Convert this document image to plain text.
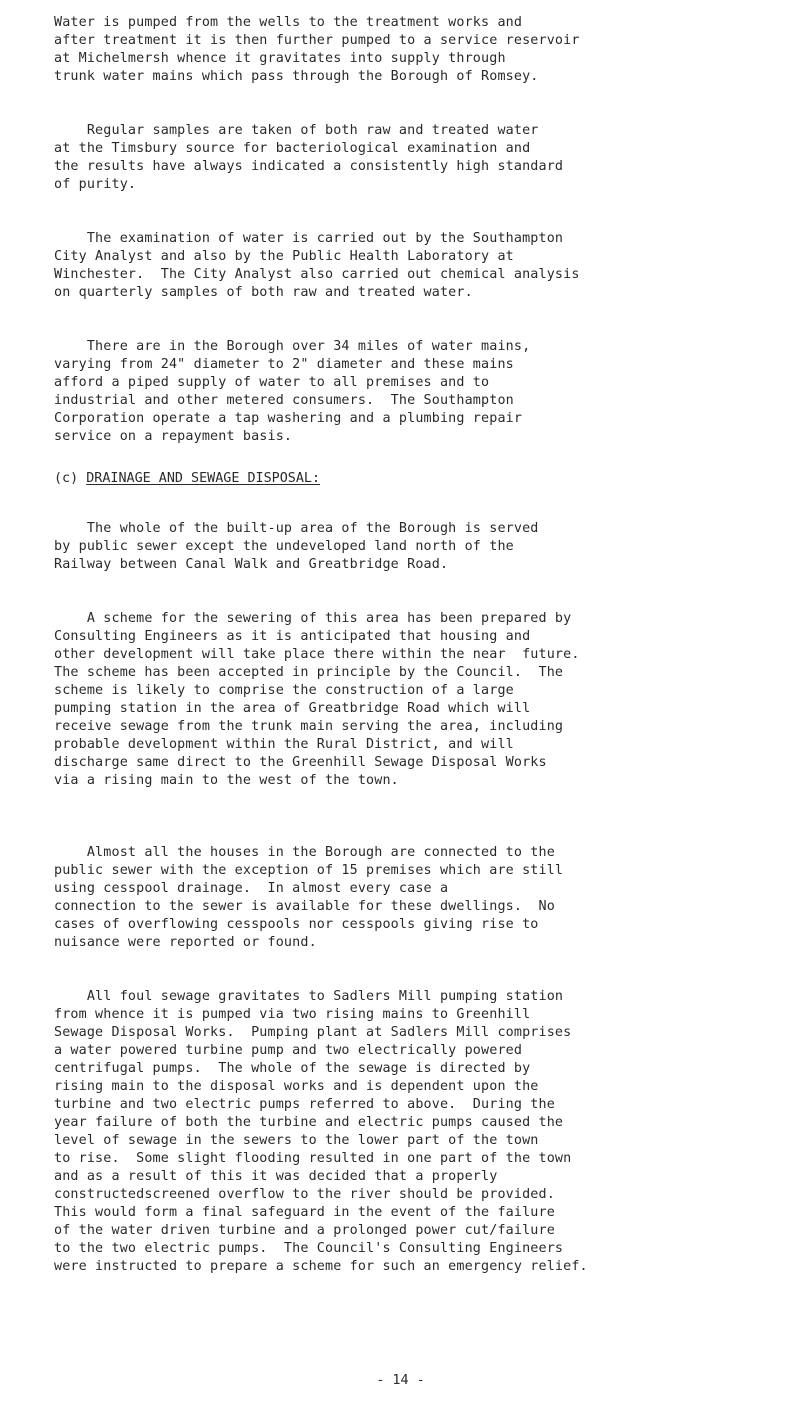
Water is pumped from the wells to the treatment works and
after treatment it is then further pumped to a service reservoir
at Michelmersh whence it gravitates into supply through
trunk water mains which pass through the Borough of Romsey.
Regular samples are taken of both raw and treated water
at the Timsbury source for bacteriological examination and
the results have always indicated a consistently high standard
of purity.
The examination of water is carried out by the Southampton
City Analyst and also by the Public Health Laboratory at
Winchester.  The City Analyst also carried out chemical analysis
on quarterly samples of both raw and treated water.
There are in the Borough over 34 miles of water mains,
varying from 24" diameter to 2" diameter and these mains
afford a piped supply of water to all premises and to
industrial and other metered consumers.  The Southampton
Corporation operate a tap washering and a plumbing repair
service on a repayment basis.
(c) DRAINAGE AND SEWAGE DISPOSAL:
The whole of the built-up area of the Borough is served
by public sewer except the undeveloped land north of the
Railway between Canal Walk and Greatbridge Road.
A scheme for the sewering of this area has been prepared by
Consulting Engineers as it is anticipated that housing and
other development will take place there within the near  future.
The scheme has been accepted in principle by the Council.  The
scheme is likely to comprise the construction of a large
pumping station in the area of Greatbridge Road which will
receive sewage from the trunk main serving the area, including
probable development within the Rural District, and will
discharge same direct to the Greenhill Sewage Disposal Works
via a rising main to the west of the town.
Almost all the houses in the Borough are connected to the
public sewer with the exception of 15 premises which are still
using cesspool drainage.  In almost every case a
connection to the sewer is available for these dwellings.  No
cases of overflowing cesspools nor cesspools giving rise to
nuisance were reported or found.
All foul sewage gravitates to Sadlers Mill pumping station
from whence it is pumped via two rising mains to Greenhill
Sewage Disposal Works.  Pumping plant at Sadlers Mill comprises
a water powered turbine pump and two electrically powered
centrifugal pumps.  The whole of the sewage is directed by
rising main to the disposal works and is dependent upon the
turbine and two electric pumps referred to above.  During the
year failure of both the turbine and electric pumps caused the
level of sewage in the sewers to the lower part of the town
to rise.  Some slight flooding resulted in one part of the town
and as a result of this it was decided that a properly
constructedscreened overflow to the river should be provided.
This would form a final safeguard in the event of the failure
of the water driven turbine and a prolonged power cut/failure
to the two electric pumps.  The Council's Consulting Engineers
were instructed to prepare a scheme for such an emergency relief.
- 14 -
